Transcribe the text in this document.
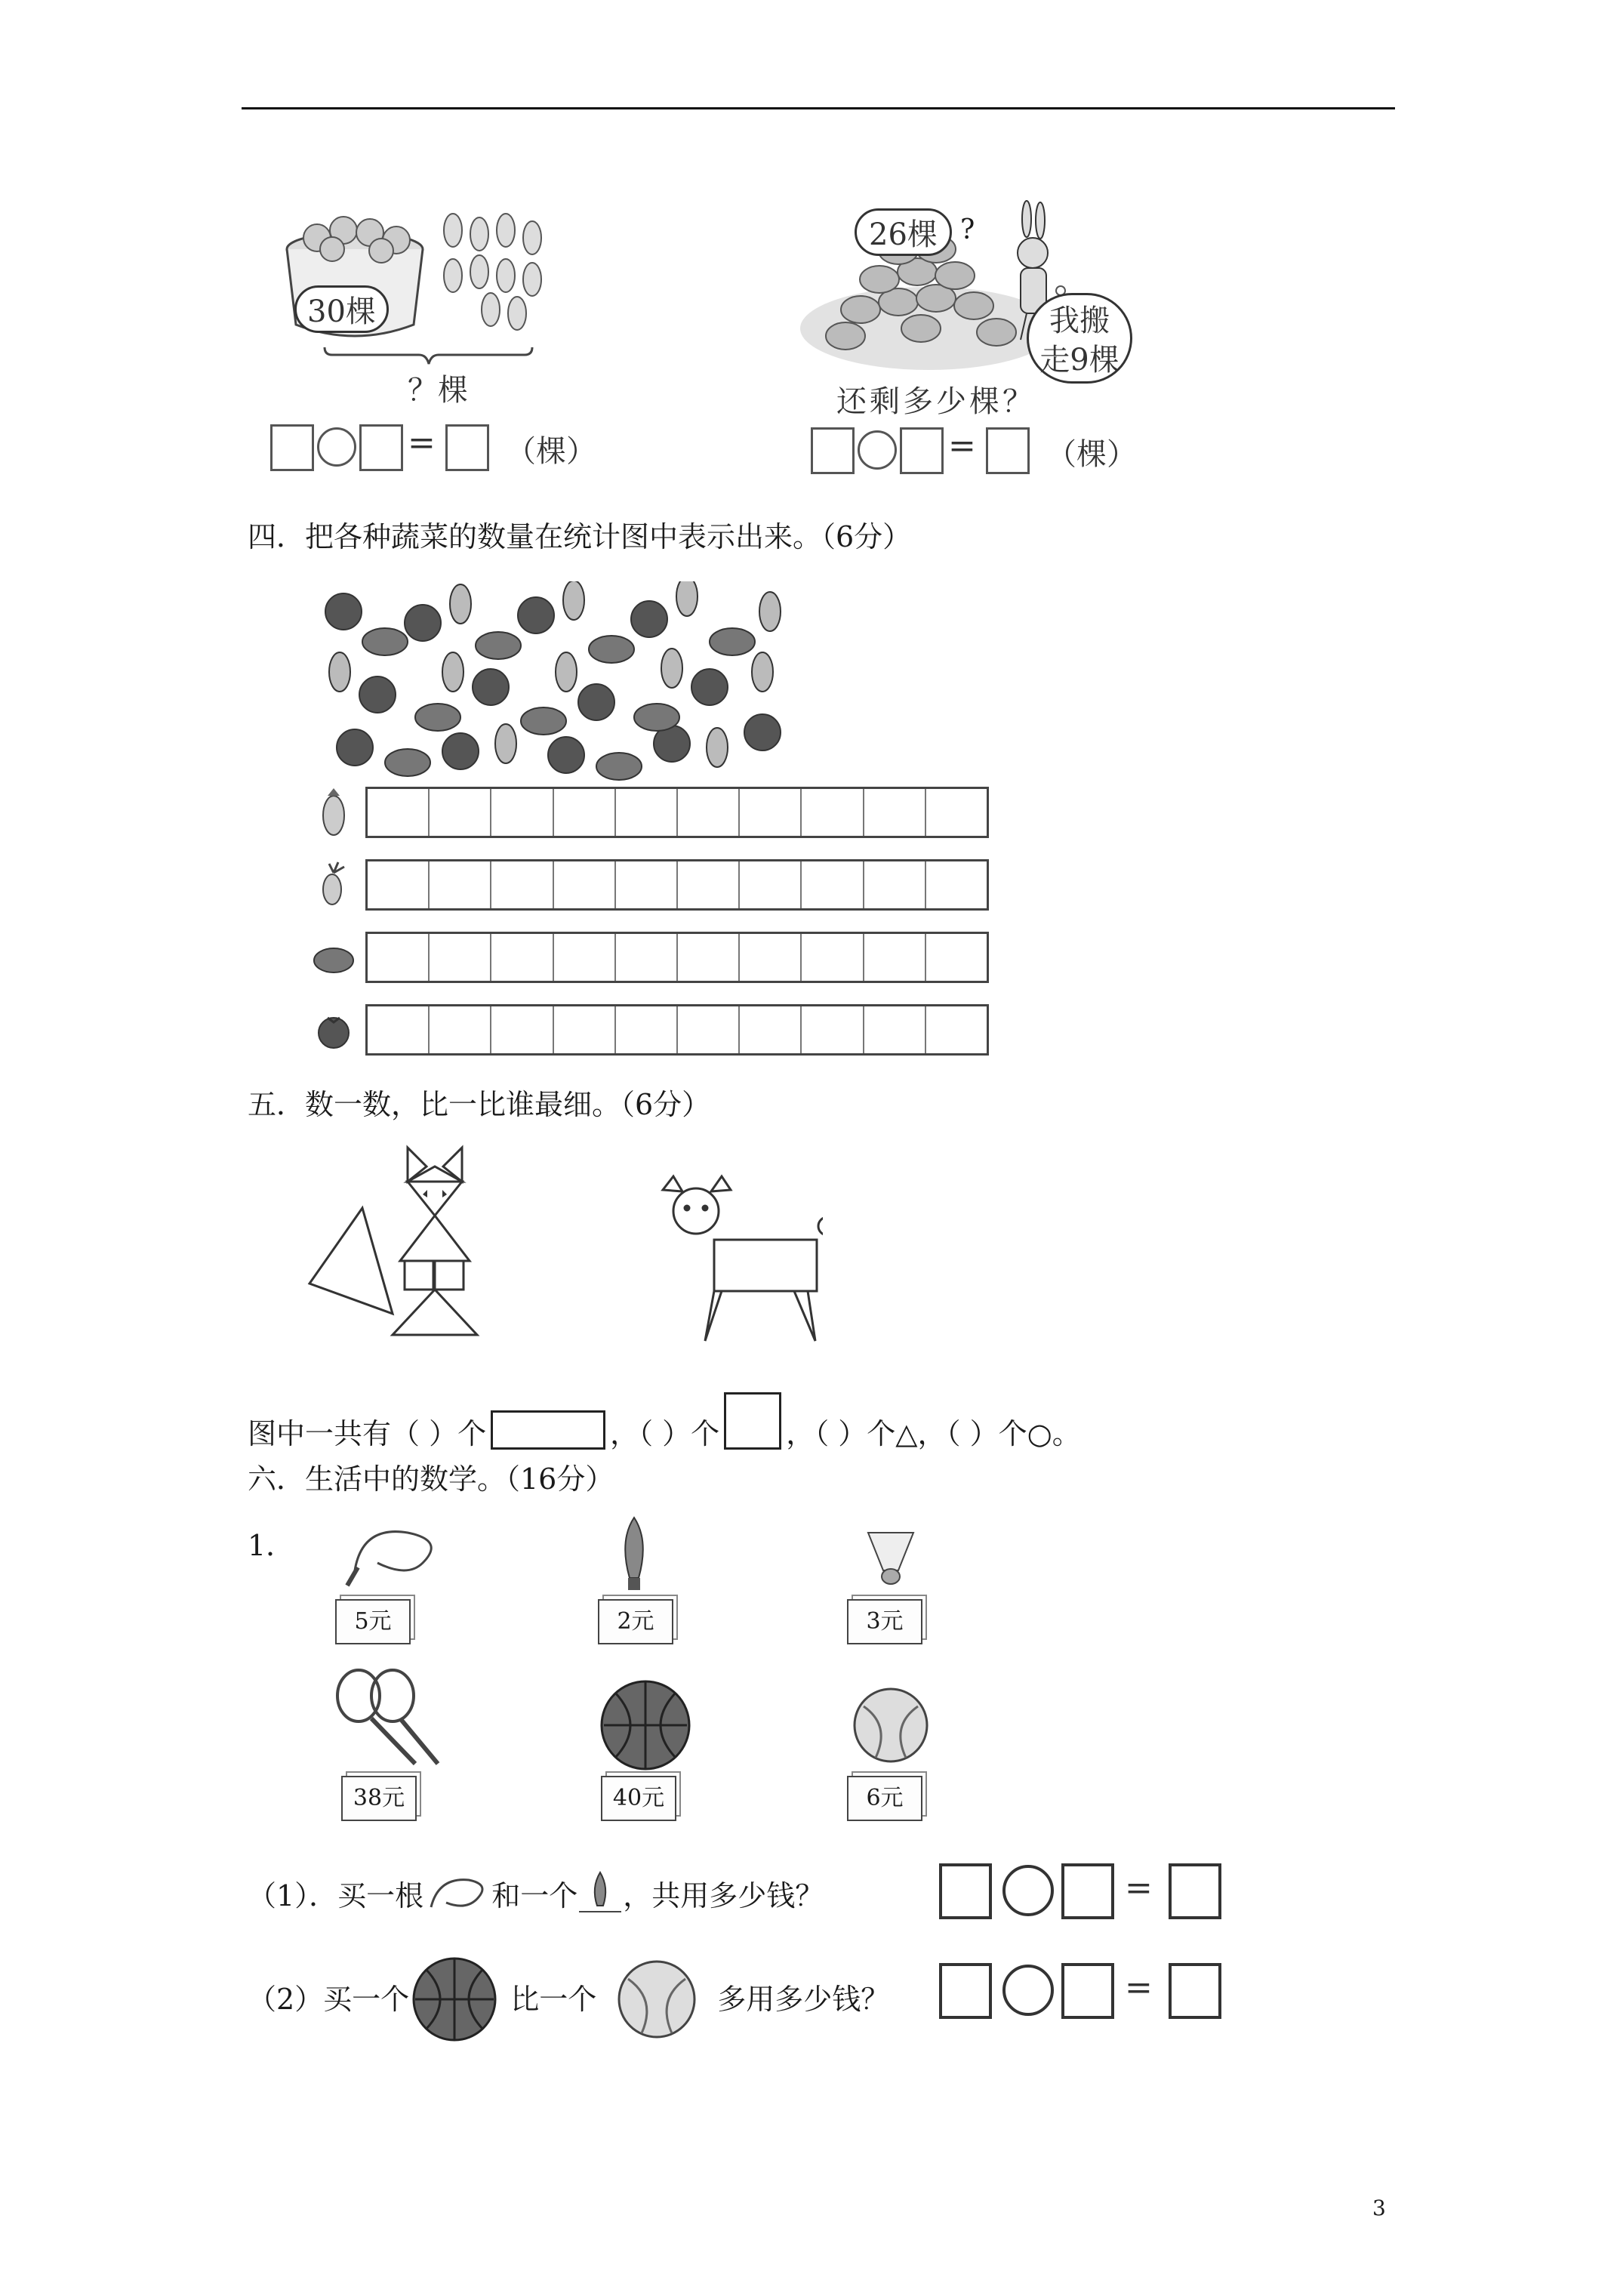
30棵
？棵
= （棵）
26棵 ?
我搬
走9棵
还剩多少棵？
= （棵）
四．把各种蔬菜的数量在统计图中表示出来。（6分）
五．数一数，比一比谁最细。（6分）
图中一共有（ ）个	，（ ）个 ，（ ）个△，（ ）个○。
六．生活中的数学。（16分）
1．
5元	2元	3元
38元	40元	6元
（1）．买一根 和一个 ，共用多少钱？	=
（2）买一个	比一个	多用多少钱？	=
3
